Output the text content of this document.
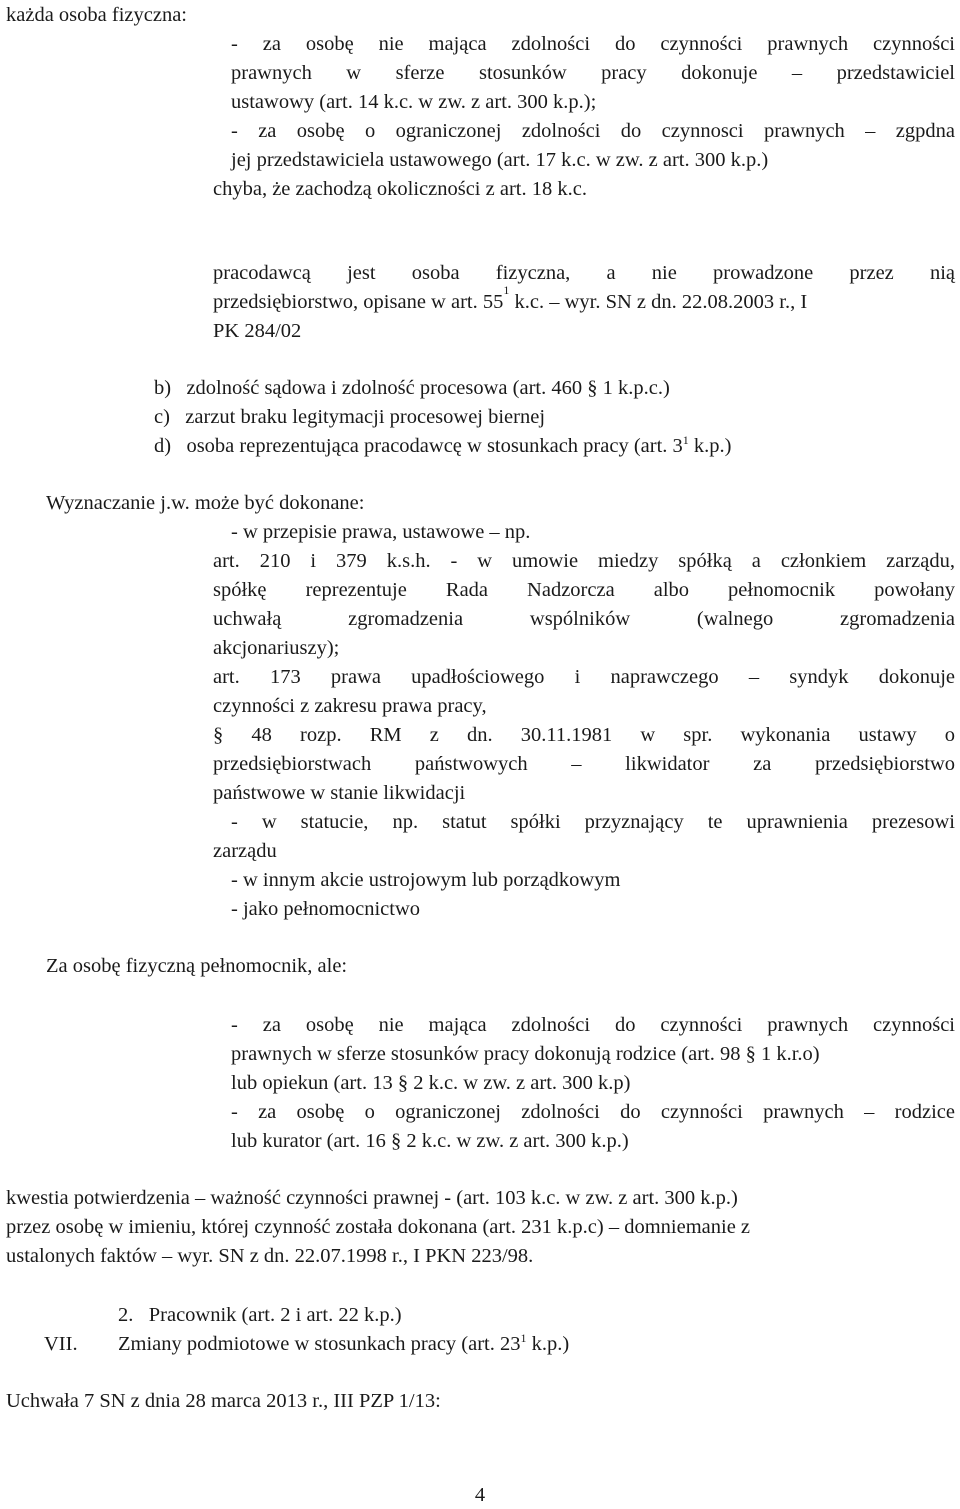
każda osoba fizyczna:
- za osobę nie mająca zdolności do czynności prawnych czynności
prawnych w sferze stosunków pracy dokonuje – przedstawiciel
ustawowy (art. 14 k.c. w zw. z art. 300 k.p.);
- za osobę o ograniczonej zdolności do czynnosci prawnych – zgpdna
jej przedstawiciela ustawowego (art. 17 k.c. w zw. z art. 300 k.p.)
chyba, że zachodzą okoliczności z art. 18 k.c.
pracodawcą jest osoba fizyczna, a nie prowadzone przez nią
przedsiębiorstwo, opisane w art. 55
1
k.c. – wyr. SN z dn. 22.08.2003 r., I
PK 284/02
b)   zdolność sądowa i zdolność procesowa (art. 460 § 1 k.p.c.)
c)   zarzut braku legitymacji procesowej biernej
d)   osoba reprezentująca pracodawcę w stosunkach pracy (art. $3^1$ k.p.)
Wyznaczanie j.w. może być dokonane:
- w przepisie prawa, ustawowe – np.
art. 210 i 379 k.s.h. - w umowie miedzy spółką a członkiem zarządu,
spółkę reprezentuje Rada Nadzorcza albo pełnomocnik powołany
uchwałą zgromadzenia wspólników (walnego zgromadzenia
akcjonariuszy);
art. 173 prawa upadłościowego i naprawczego – syndyk dokonuje
czynności z zakresu prawa pracy,
§ 48 rozp. RM z dn. 30.11.1981 w spr. wykonania ustawy o
przedsiębiorstwach państwowych – likwidator za przedsiębiorstwo
państwowe w stanie likwidacji
- w statucie, np. statut spółki przyznający te uprawnienia prezesowi
zarządu
- w innym akcie ustrojowym lub porządkowym
- jako pełnomocnictwo
Za osobę fizyczną pełnomocnik, ale:
- za osobę nie mająca zdolności do czynności prawnych czynności
prawnych w sferze stosunków pracy dokonują rodzice (art. 98 § 1 k.r.o)
lub opiekun (art. 13 § 2 k.c. w zw. z art. 300 k.p)
- za osobę o ograniczonej zdolności do czynności prawnych – rodzice
lub kurator (art. 16 § 2 k.c. w zw. z art. 300 k.p.)
kwestia potwierdzenia – ważność czynności prawnej - (art. 103 k.c. w zw. z art. 300 k.p.)
przez osobę w imieniu, której czynność została dokonana (art. 231 k.p.c) – domniemanie z
ustalonych faktów – wyr. SN z dn. 22.07.1998 r., I PKN 223/98.
2.   Pracownik (art. 2 i art. 22 k.p.)
VII. Zmiany podmiotowe w stosunkach pracy (art. $23^1$ k.p.)
Uchwała 7 SN z dnia 28 marca 2013 r., III PZP 1/13:
4
